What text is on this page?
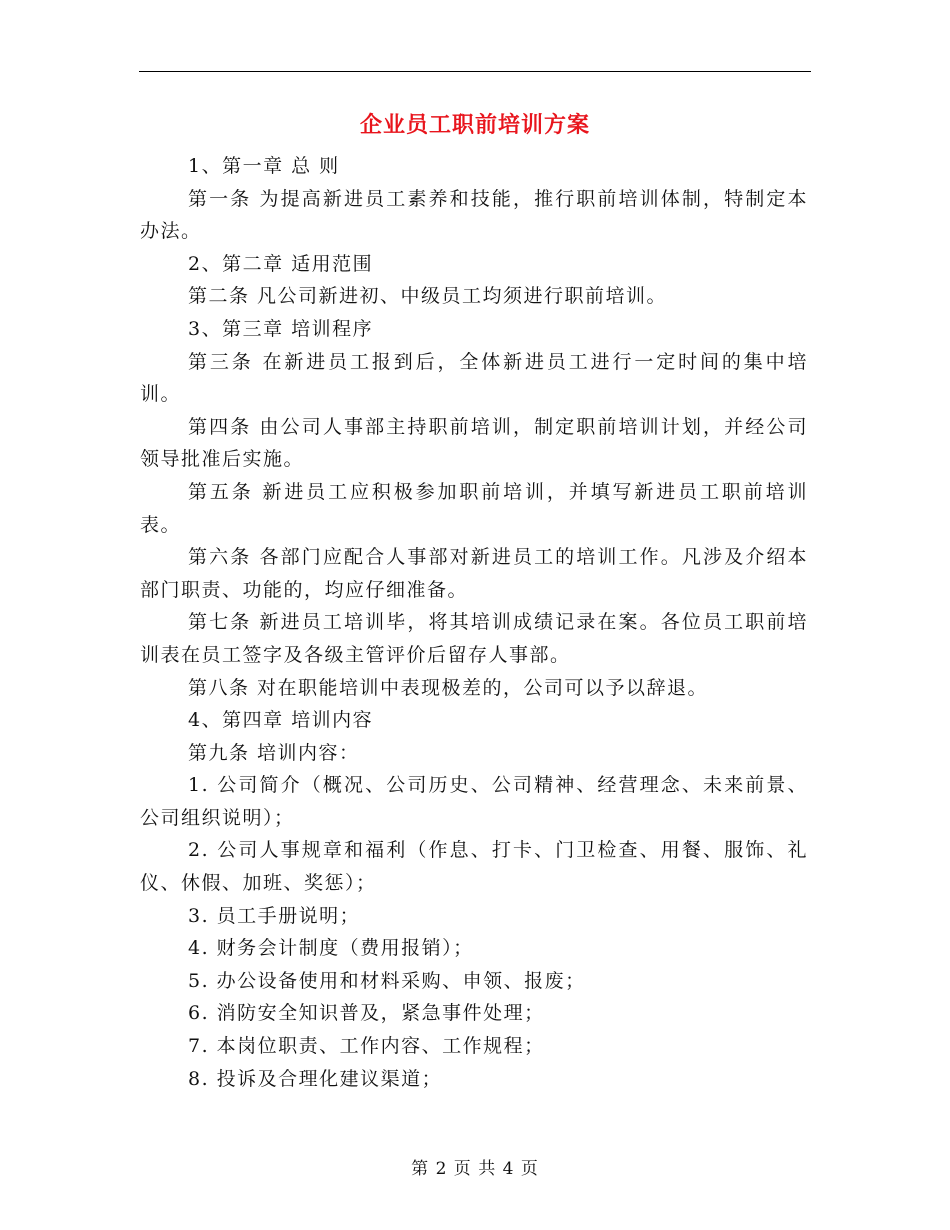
企业员工职前培训方案

1、第一章 总 则

第一条 为提高新进员工素养和技能，推行职前培训体制，特制定本办法。

2、第二章 适用范围

第二条 凡公司新进初、中级员工均须进行职前培训。

3、第三章 培训程序

第三条 在新进员工报到后，全体新进员工进行一定时间的集中培训。

第四条 由公司人事部主持职前培训，制定职前培训计划，并经公司领导批准后实施。

第五条 新进员工应积极参加职前培训，并填写新进员工职前培训表。

第六条 各部门应配合人事部对新进员工的培训工作。凡涉及介绍本部门职责、功能的，均应仔细准备。

第七条 新进员工培训毕，将其培训成绩记录在案。各位员工职前培训表在员工签字及各级主管评价后留存人事部。

第八条 对在职能培训中表现极差的，公司可以予以辞退。

4、第四章 培训内容

第九条 培训内容：

1. 公司简介（概况、公司历史、公司精神、经营理念、未来前景、公司组织说明）；

2. 公司人事规章和福利（作息、打卡、门卫检查、用餐、服饰、礼仪、休假、加班、奖惩）；

3. 员工手册说明；

4. 财务会计制度（费用报销）；

5. 办公设备使用和材料采购、申领、报废；

6. 消防安全知识普及，紧急事件处理；

7. 本岗位职责、工作内容、工作规程；

8. 投诉及合理化建议渠道；

第 2 页 共 4 页
